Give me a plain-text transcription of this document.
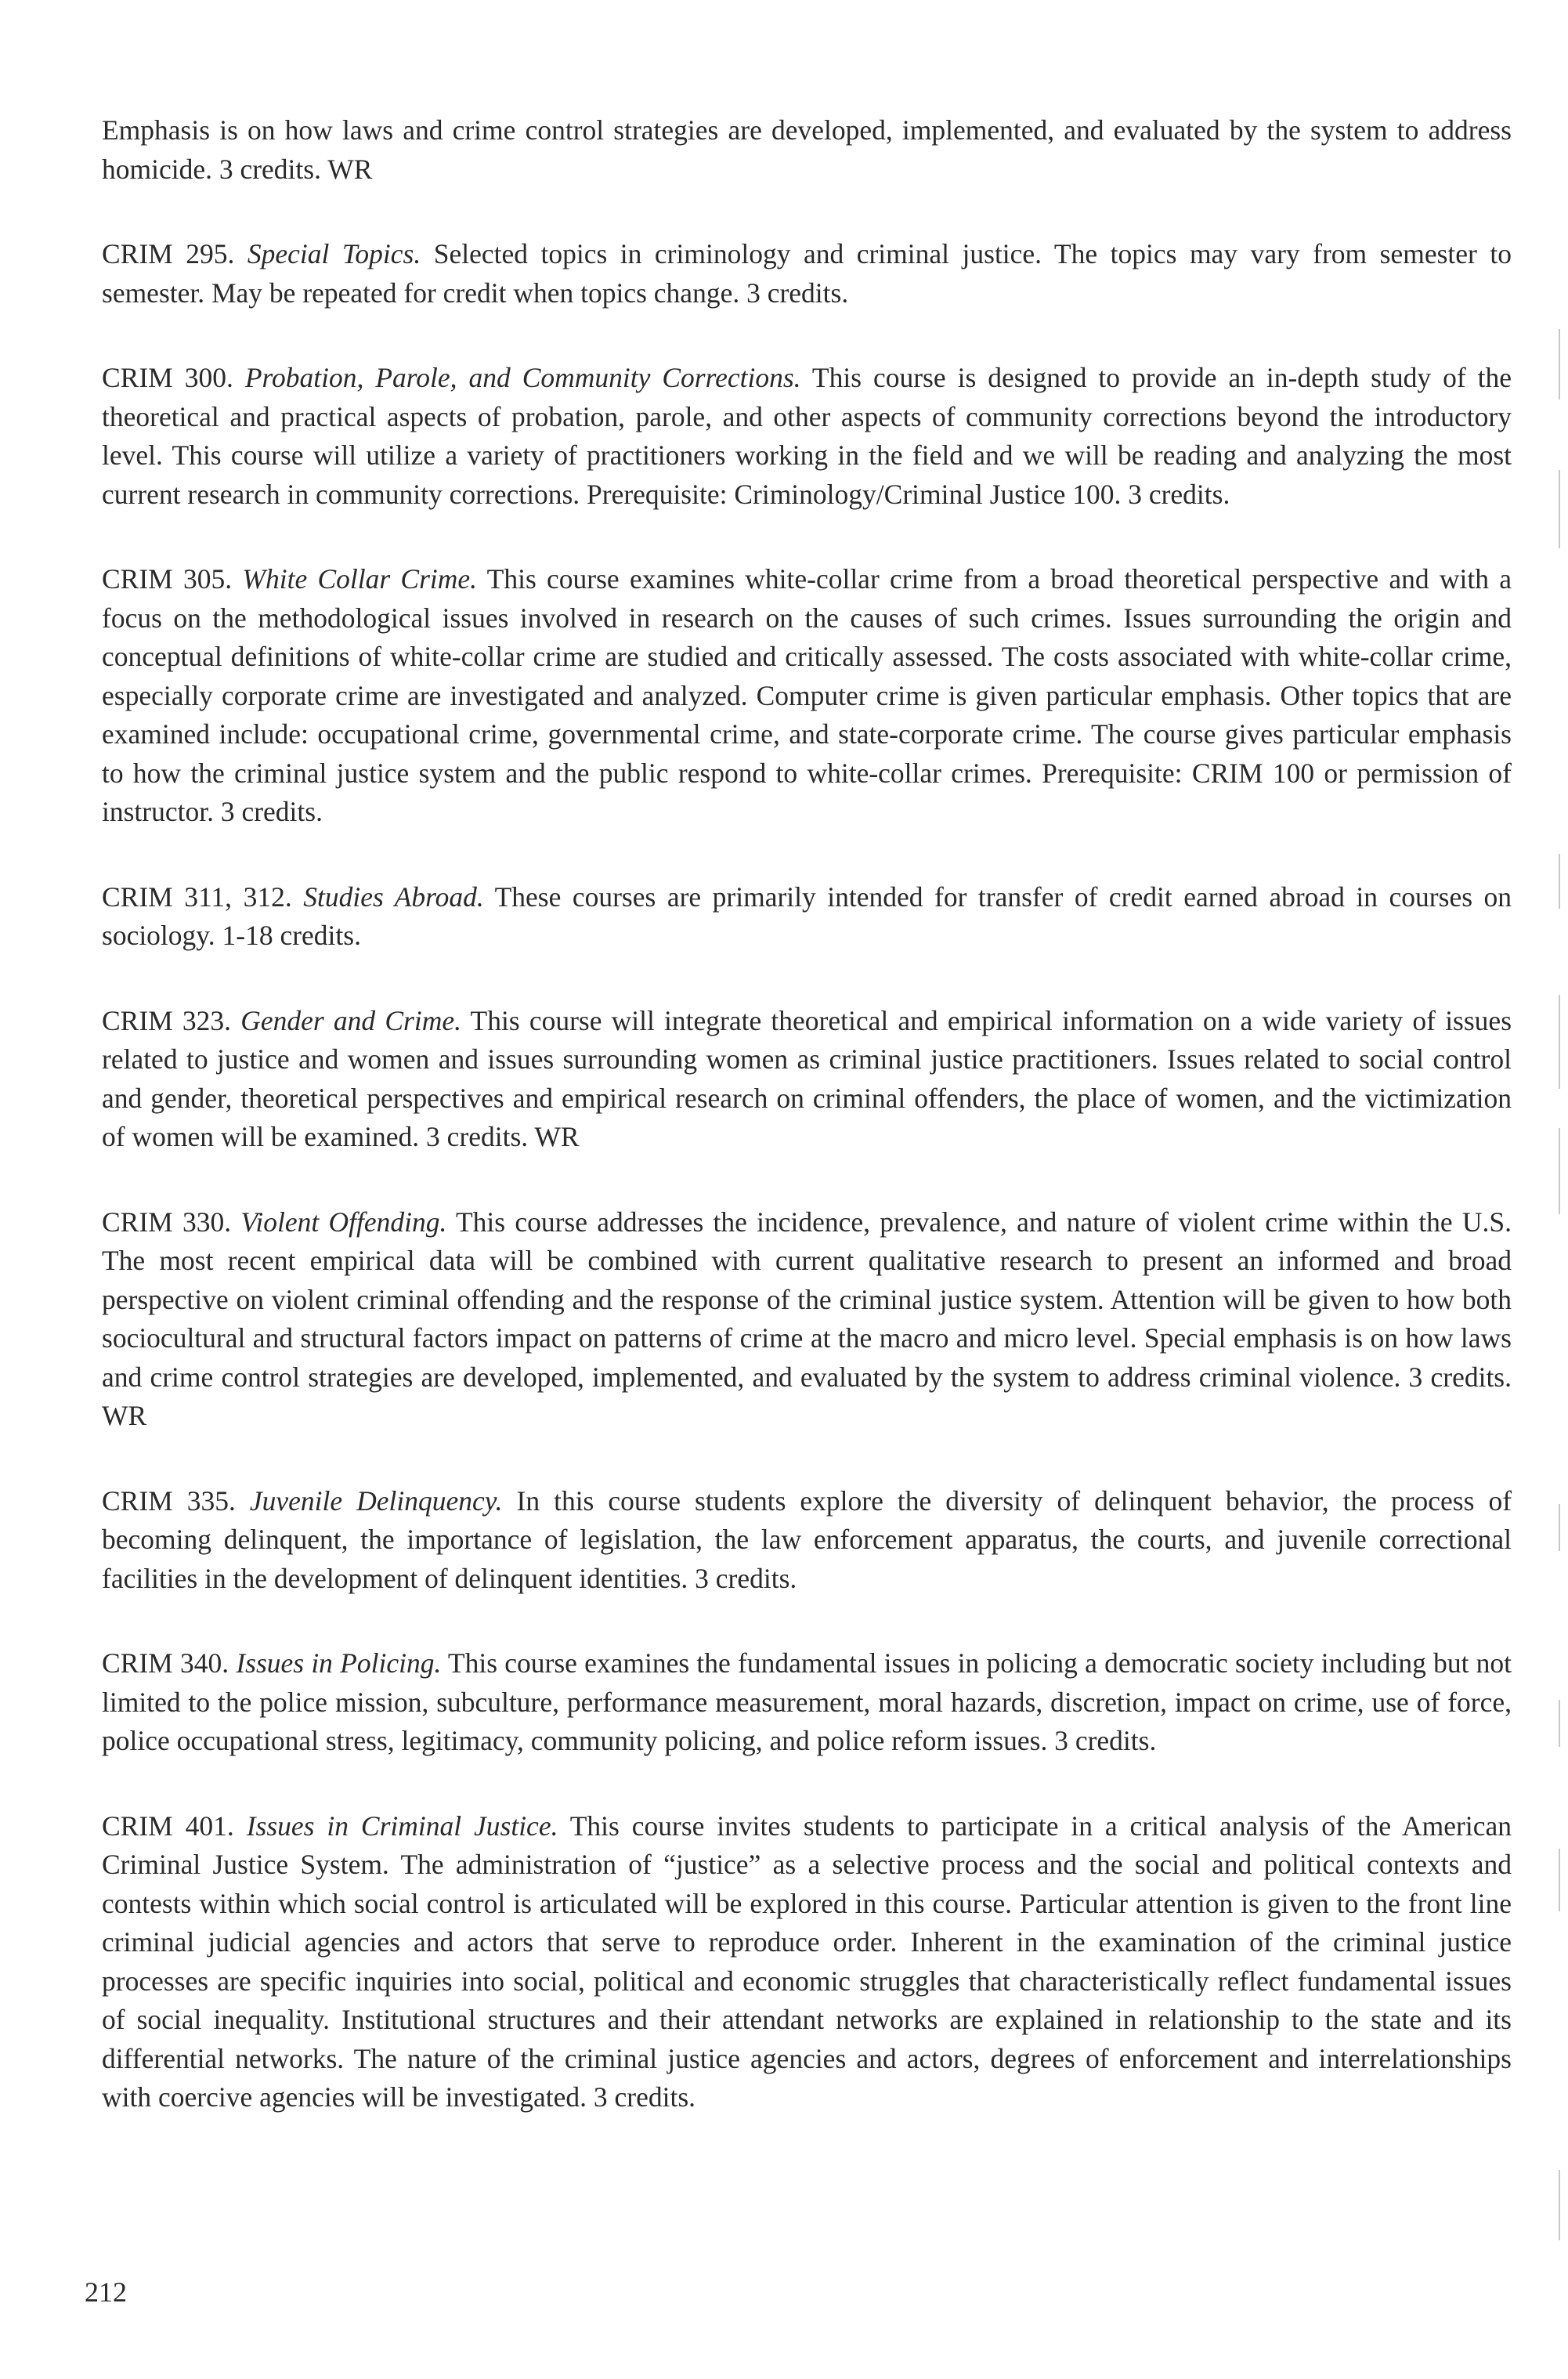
Emphasis is on how laws and crime control strategies are developed, implemented, and evaluated by the system to address homicide. 3 credits. WR

CRIM 295. Special Topics. Selected topics in criminology and criminal justice. The topics may vary from semester to semester. May be repeated for credit when topics change. 3 credits.
CRIM 300. Probation, Parole, and Community Corrections. This course is designed to provide an in-depth study of the theoretical and practical aspects of probation, parole, and other aspects of community corrections beyond the introductory level. This course will utilize a variety of practitioners working in the field and we will be reading and analyzing the most current research in community corrections. Prerequisite: Criminology/Criminal Justice 100. 3 credits.
CRIM 305. White Collar Crime. This course examines white-collar crime from a broad theoretical perspective and with a focus on the methodological issues involved in research on the causes of such crimes. Issues surrounding the origin and conceptual definitions of white-collar crime are studied and critically assessed. The costs associated with white-collar crime, especially corporate crime are investigated and analyzed. Computer crime is given particular emphasis. Other topics that are examined include: occupational crime, governmental crime, and state-corporate crime. The course gives particular emphasis to how the criminal justice system and the public respond to white-collar crimes. Prerequisite: CRIM 100 or permission of instructor. 3 credits.
CRIM 311, 312. Studies Abroad. These courses are primarily intended for transfer of credit earned abroad in courses on sociology. 1-18 credits.
CRIM 323. Gender and Crime. This course will integrate theoretical and empirical information on a wide variety of issues related to justice and women and issues surrounding women as criminal justice practitioners. Issues related to social control and gender, theoretical perspectives and empirical research on criminal offenders, the place of women, and the victimization of women will be examined. 3 credits. WR
CRIM 330. Violent Offending. This course addresses the incidence, prevalence, and nature of violent crime within the U.S. The most recent empirical data will be combined with current qualitative research to present an informed and broad perspective on violent criminal offending and the response of the criminal justice system. Attention will be given to how both sociocultural and structural factors impact on patterns of crime at the macro and micro level. Special emphasis is on how laws and crime control strategies are developed, implemented, and evaluated by the system to address criminal violence. 3 credits. WR
CRIM 335. Juvenile Delinquency. In this course students explore the diversity of delinquent behavior, the process of becoming delinquent, the importance of legislation, the law enforcement apparatus, the courts, and juvenile correctional facilities in the development of delinquent identities. 3 credits.
CRIM 340. Issues in Policing. This course examines the fundamental issues in policing a democratic society including but not limited to the police mission, subculture, performance measurement, moral hazards, discretion, impact on crime, use of force, police occupational stress, legitimacy, community policing, and police reform issues. 3 credits.
CRIM 401. Issues in Criminal Justice. This course invites students to participate in a critical analysis of the American Criminal Justice System. The administration of “justice” as a selective process and the social and political contexts and contests within which social control is articulated will be explored in this course. Particular attention is given to the front line criminal judicial agencies and actors that serve to reproduce order. Inherent in the examination of the criminal justice processes are specific inquiries into social, political and economic struggles that characteristically reflect fundamental issues of social inequality. Institutional structures and their attendant networks are explained in relationship to the state and its differential networks. The nature of the criminal justice agencies and actors, degrees of enforcement and interrelationships with coercive agencies will be investigated. 3 credits.
212
